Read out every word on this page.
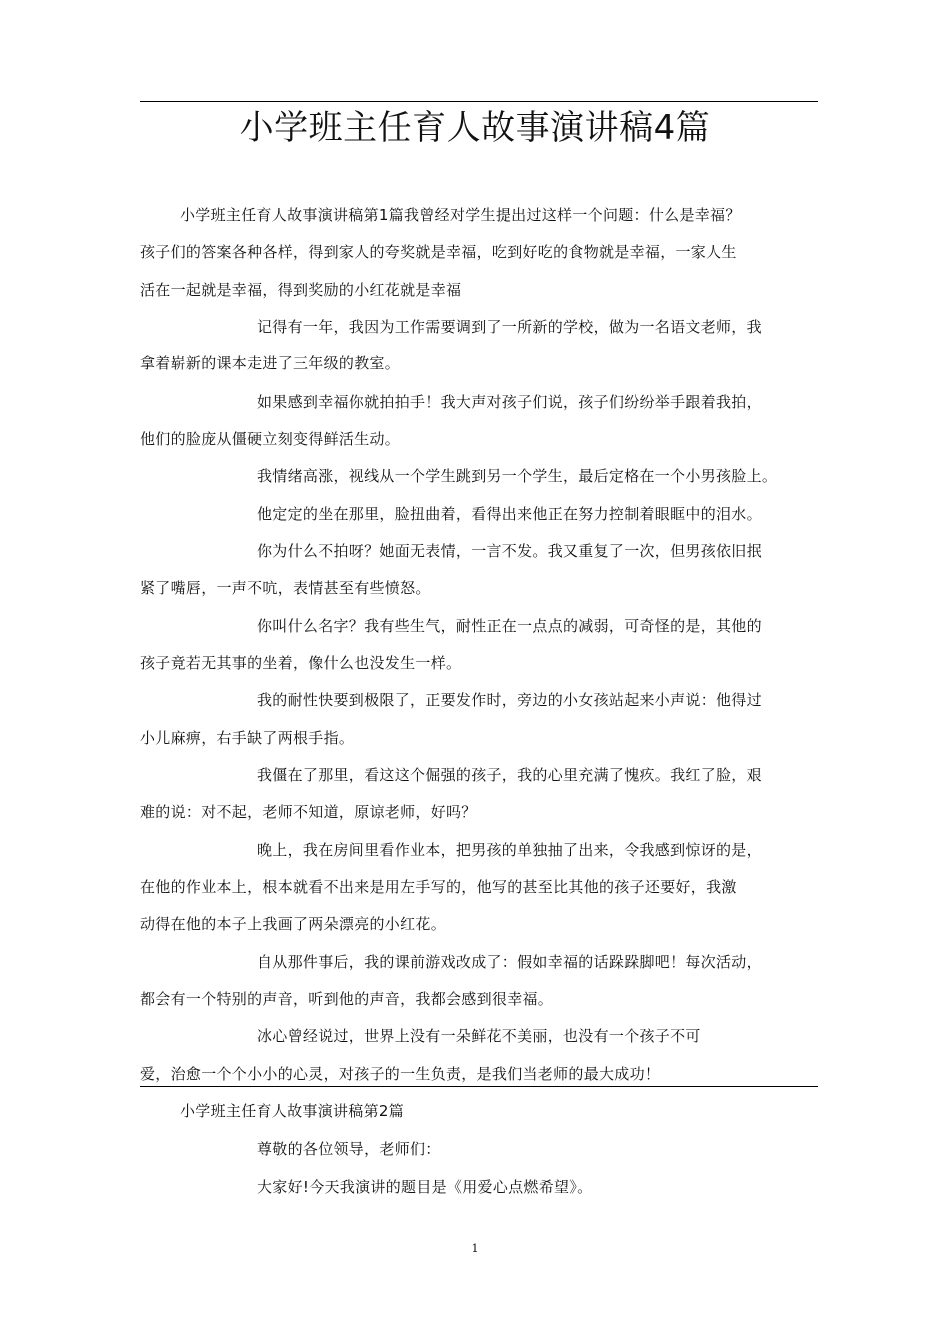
小学班主任育人故事演讲稿4篇
小学班主任育人故事演讲稿第1篇我曾经对学生提出过这样一个问题：什么是幸福？
孩子们的答案各种各样，得到家人的夸奖就是幸福，吃到好吃的食物就是幸福，一家人生
活在一起就是幸福，得到奖励的小红花就是幸福
记得有一年，我因为工作需要调到了一所新的学校，做为一名语文老师，我
拿着崭新的课本走进了三年级的教室。
如果感到幸福你就拍拍手！我大声对孩子们说，孩子们纷纷举手跟着我拍，
他们的脸庞从僵硬立刻变得鲜活生动。
我情绪高涨，视线从一个学生跳到另一个学生，最后定格在一个小男孩脸上。
他定定的坐在那里，脸扭曲着，看得出来他正在努力控制着眼眶中的泪水。
你为什么不拍呀？她面无表情，一言不发。我又重复了一次，但男孩依旧抿
紧了嘴唇，一声不吭，表情甚至有些愤怒。
你叫什么名字？我有些生气，耐性正在一点点的减弱，可奇怪的是，其他的
孩子竟若无其事的坐着，像什么也没发生一样。
我的耐性快要到极限了，正要发作时，旁边的小女孩站起来小声说：他得过
小儿麻痹，右手缺了两根手指。
我僵在了那里，看这这个倔强的孩子，我的心里充满了愧疚。我红了脸，艰
难的说：对不起，老师不知道，原谅老师，好吗？
晚上，我在房间里看作业本，把男孩的单独抽了出来，令我感到惊讶的是，
在他的作业本上，根本就看不出来是用左手写的，他写的甚至比其他的孩子还要好，我激
动得在他的本子上我画了两朵漂亮的小红花。
自从那件事后，我的课前游戏改成了：假如幸福的话跺跺脚吧！每次活动，
都会有一个特别的声音，听到他的声音，我都会感到很幸福。
冰心曾经说过，世界上没有一朵鲜花不美丽，也没有一个孩子不可
爱，治愈一个个小小的心灵，对孩子的一生负责，是我们当老师的最大成功！
小学班主任育人故事演讲稿第2篇
尊敬的各位领导，老师们：
大家好!今天我演讲的题目是《用爱心点燃希望》。
1
